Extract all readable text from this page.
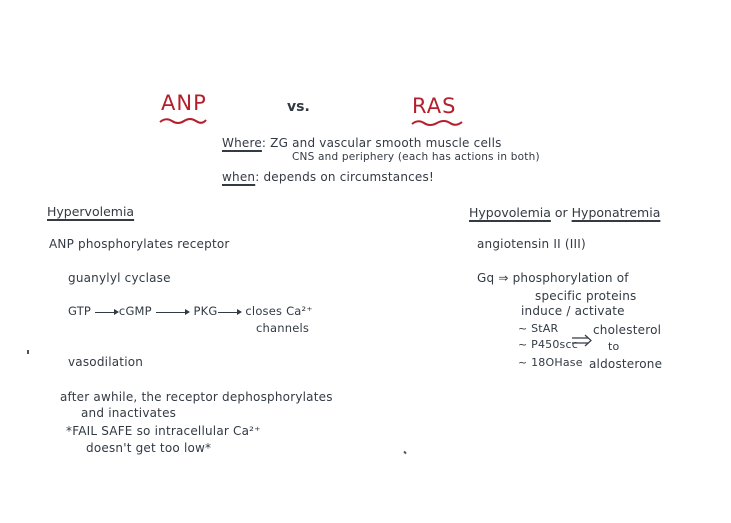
ANP	vs.	RAS
Where: ZG and vascular smooth muscle cells
CNS and periphery (each has actions in both)
when: depends on circumstances!
Hypervolemia
ANP phosphorylates receptor
guanylyl cyclase
GTP cGMP	PKG closes Ca²⁺
channels
vasodilation
after awhile, the receptor dephosphorylates
and inactivates
*FAIL SAFE so intracellular Ca²⁺
doesn't get too low*
Hypovolemia or Hyponatremia
angiotensin II (III)
Gq ⇒ phosphorylation of
specific proteins
induce / activate
~ StAR
~ P450scc
~ 18OHase
cholesterol
to
aldosterone
